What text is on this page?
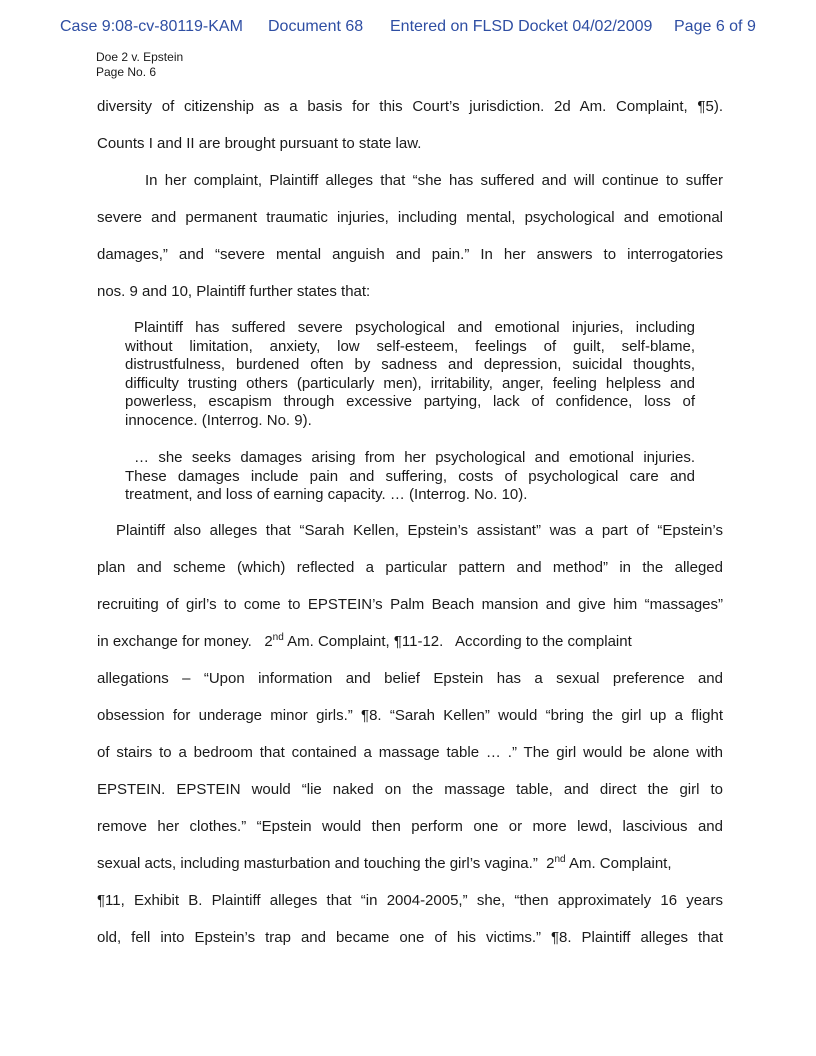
Case 9:08-cv-80119-KAM Document 68 Entered on FLSD Docket 04/02/2009 Page 6 of 9
Doe 2 v. Epstein
Page No. 6
diversity of citizenship as a basis for this Court’s jurisdiction. 2d Am. Complaint, ¶5).
Counts I and II are brought pursuant to state law.
In her complaint, Plaintiff alleges that “she has suffered and will continue to suffer
severe and permanent traumatic injuries, including mental, psychological and emotional
damages,” and “severe mental anguish and pain.” In her answers to interrogatories
nos. 9 and 10, Plaintiff further states that:
Plaintiff has suffered severe psychological and emotional injuries, including
without limitation, anxiety, low self-esteem, feelings of guilt, self-blame,
distrustfulness, burdened often by sadness and depression, suicidal thoughts,
difficulty trusting others (particularly men), irritability, anger, feeling helpless and
powerless, escapism through excessive partying, lack of confidence, loss of
innocence. (Interrog. No. 9).
… she seeks damages arising from her psychological and emotional injuries.
These damages include pain and suffering, costs of psychological care and
treatment, and loss of earning capacity. … (Interrog. No. 10).
Plaintiff also alleges that “Sarah Kellen, Epstein’s assistant” was a part of “Epstein’s
plan and scheme (which) reflected a particular pattern and method” in the alleged
recruiting of girl’s to come to EPSTEIN’s Palm Beach mansion and give him “massages”
in exchange for money.   2nd Am. Complaint, ¶11-12.   According to the complaint
allegations – “Upon information and belief Epstein has a sexual preference and
obsession for underage minor girls.” ¶8. “Sarah Kellen” would “bring the girl up a flight
of stairs to a bedroom that contained a massage table … .” The girl would be alone with
EPSTEIN. EPSTEIN would “lie naked on the massage table, and direct the girl to
remove her clothes.” “Epstein would then perform one or more lewd, lascivious and
sexual acts, including masturbation and touching the girl’s vagina.”  2nd Am. Complaint,
¶11, Exhibit B. Plaintiff alleges that “in 2004-2005,” she, “then approximately 16 years
old, fell into Epstein’s trap and became one of his victims.” ¶8. Plaintiff alleges that
